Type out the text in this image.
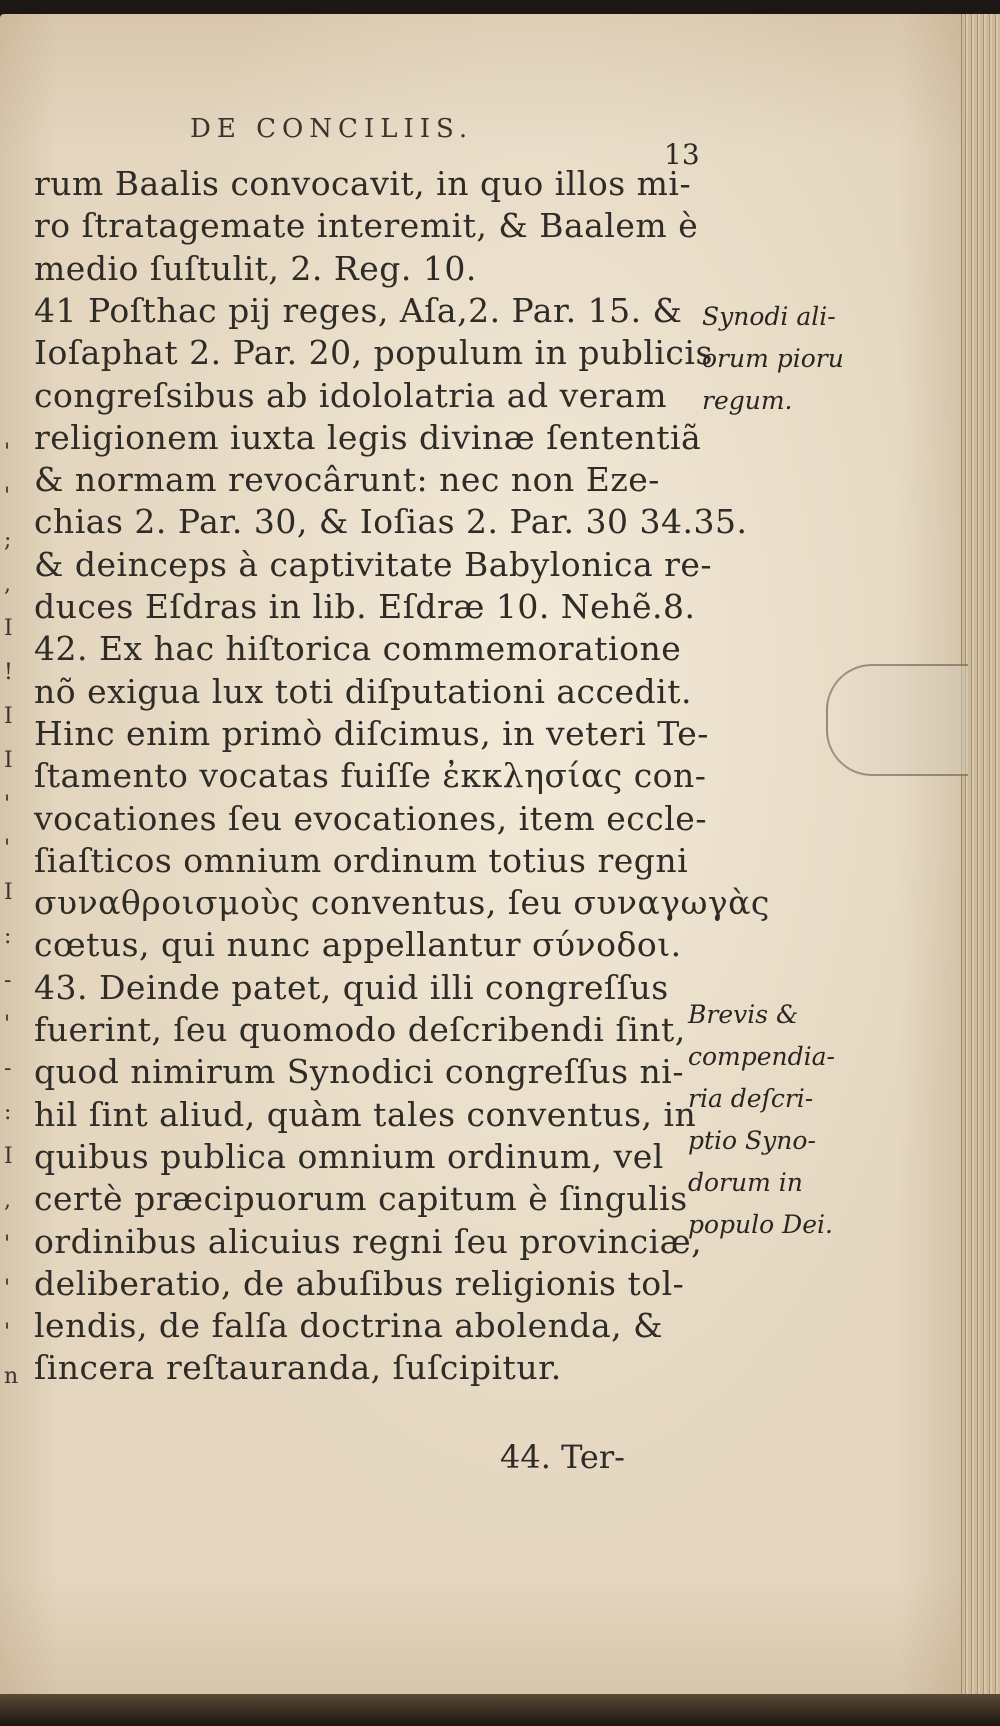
DE CONCILIIS.
13
rum Baalis convocavit, in quo illos mi-
ro ſtratagemate interemit, & Baalem è
medio ſuſtulit, 2. Reg. 10.
41 Poſthac pij reges, Aſa,2. Par. 15. &
Ioſaphat 2. Par. 20, populum in publicis
congreſsibus ab idololatria ad veram
religionem iuxta legis divinæ ſententiã
& normam revocârunt: nec non Eze-
chias 2. Par. 30, & Ioſias 2. Par. 30 34.35.
& deinceps à captivitate Babylonica re-
duces Eſdras in lib. Eſdræ 10. Nehẽ.8.
42. Ex hac hiſtorica commemoratione
nõ exigua lux toti diſputationi accedit.
Hinc enim primò diſcimus, in veteri Te-
ſtamento vocatas fuiſſe ἐκκλησίας con-
vocationes ſeu evocationes, item eccle-
ſiaſticos omnium ordinum totius regni
συναθροισμοὺς conventus, ſeu συναγωγὰς
cœtus, qui nunc appellantur σύνοδοι.
43. Deinde patet, quid illi congreſſus
fuerint, ſeu quomodo deſcribendi ſint,
quod nimirum Synodici congreſſus ni-
hil ſint aliud, quàm tales conventus, in
quibus publica omnium ordinum, vel
certè præcipuorum capitum è ſingulis
ordinibus alicuius regni ſeu provinciæ,
deliberatio, de abuſibus religionis tol-
lendis, de falſa doctrina abolenda, &
ſincera reſtauranda, ſuſcipitur.
Synodi ali-
orum pioru
regum.
Brevis &
compendia-
ria deſcri-
ptio Syno-
dorum in
populo Dei.
'
'
;
,
I
!
I
I
'
'
I
:
-
'
-
:
I
,
'
'
'
n
44. Ter-
